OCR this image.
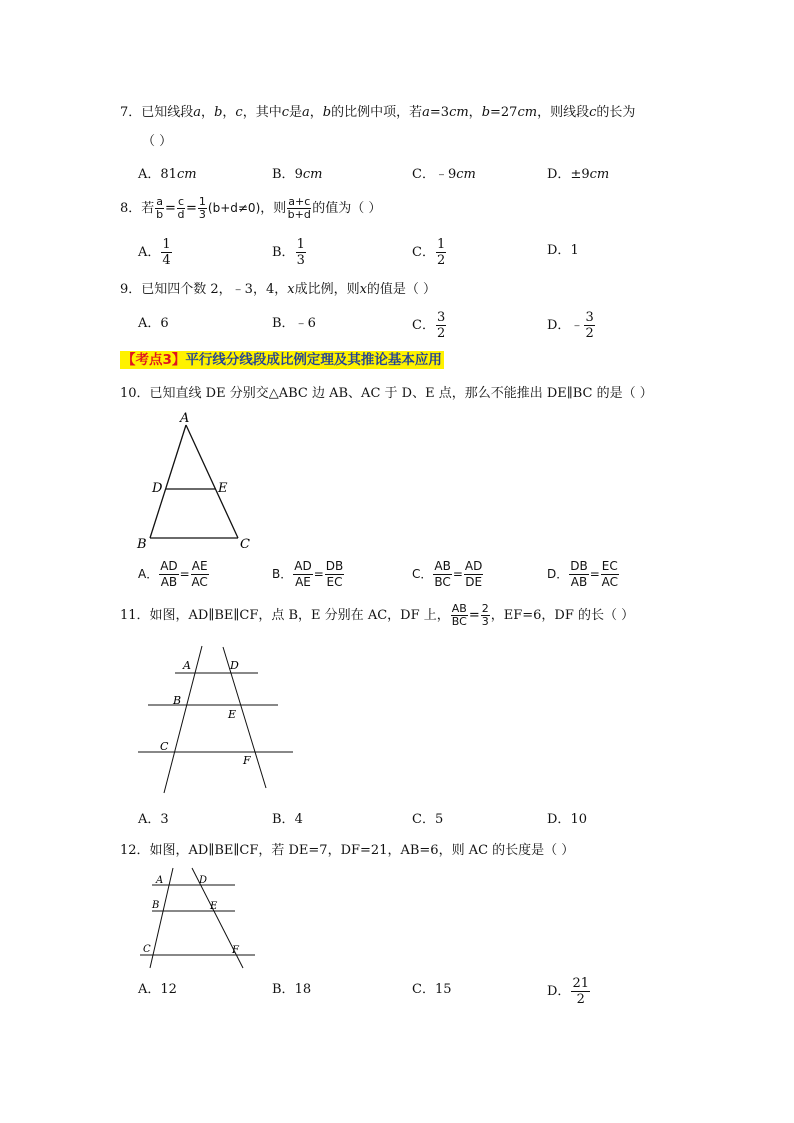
7．已知线段a，b，c，其中c是a，b的比例中项，若a=3cm，b=27cm，则线段c的长为
（ ）
A．81cm	B．9cm	C．﹣9cm	D．±9cm
8．若 $\frac{a}{b} = \frac{c}{d} = \frac{1}{3} (b+d\ne 0)$，则 $\frac{a+c}{b+d}$ 的值为（ ）
A． $\frac{1}{4}$	B． $\frac{1}{3}$	C． $\frac{1}{2}$	D．1
9．已知四个数 2，﹣3，4，x成比例，则x的值是（ ）
A．6	B．﹣6	C． $\frac{3}{2}$	D．﹣ $\frac{3}{2}$
【考点3】平行线分线段成比例定理及其推论基本应用
10．已知直线 DE 分别交△ABC 边 AB、AC 于 D、E 点，那么不能推出 DE∥BC 的是（ ）
A
D	E
B	C
A． $\frac{AD}{AB} = \frac{AE}{AC}$	B． $\frac{AD}{AE} = \frac{DB}{EC}$	C． $\frac{AB}{BC} = \frac{AD}{DE}$	D． $\frac{DB}{AB} = \frac{EC}{AC}$
11．如图，AD∥BE∥CF，点 B，E 分别在 AC，DF 上， $\frac{AB}{BC} = \frac{2}{3}$ ，EF=6，DF 的长（ ）
A	D
B
E
C
F
A．3	B．4	C．5	D．10
12．如图，AD∥BE∥CF，若 DE=7，DF=21，AB=6，则 AC 的长度是（ ）
A	D
B	E
C	F
A．12	B．18	C．15	D． $\frac{21}{2}$
